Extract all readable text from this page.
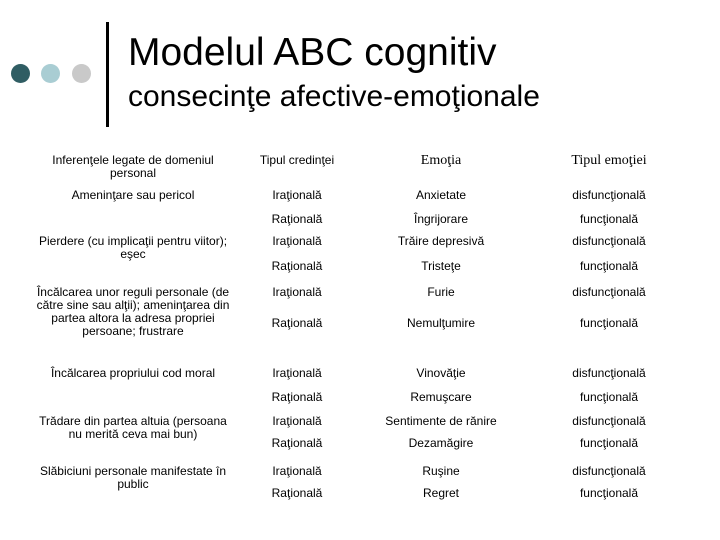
Modelul ABC cognitiv
consecinţe afective-emoţionale
Inferenţele legate de domeniul personal	Tipul credinţei	Emoţia	Tipul emoţiei
Ameninţare sau pericol	Iraţională	Anxietate	disfuncţională
	Raţională	Îngrijorare	funcţională
Pierdere (cu implicaţii pentru viitor); eşec	Iraţională	Trăire depresivă	disfuncţională
	Raţională	Tristeţe	funcţională
Încălcarea unor reguli personale (de către sine sau alţii); ameninţarea din partea altora la adresa propriei persoane; frustrare	Iraţională	Furie	disfuncţională
	Raţională	Nemulţumire	funcţională
Încălcarea propriului cod moral	Iraţională	Vinovăţie	disfuncţională
	Raţională	Remuşcare	funcţională
Trădare din partea altuia (persoana nu merită ceva mai bun)	Iraţională	Sentimente de rănire	disfuncţională
	Raţională	Dezamăgire	funcţională
Slăbiciuni personale manifestate în public	Iraţională	Ruşine	disfuncţională
	Raţională	Regret	funcţională
